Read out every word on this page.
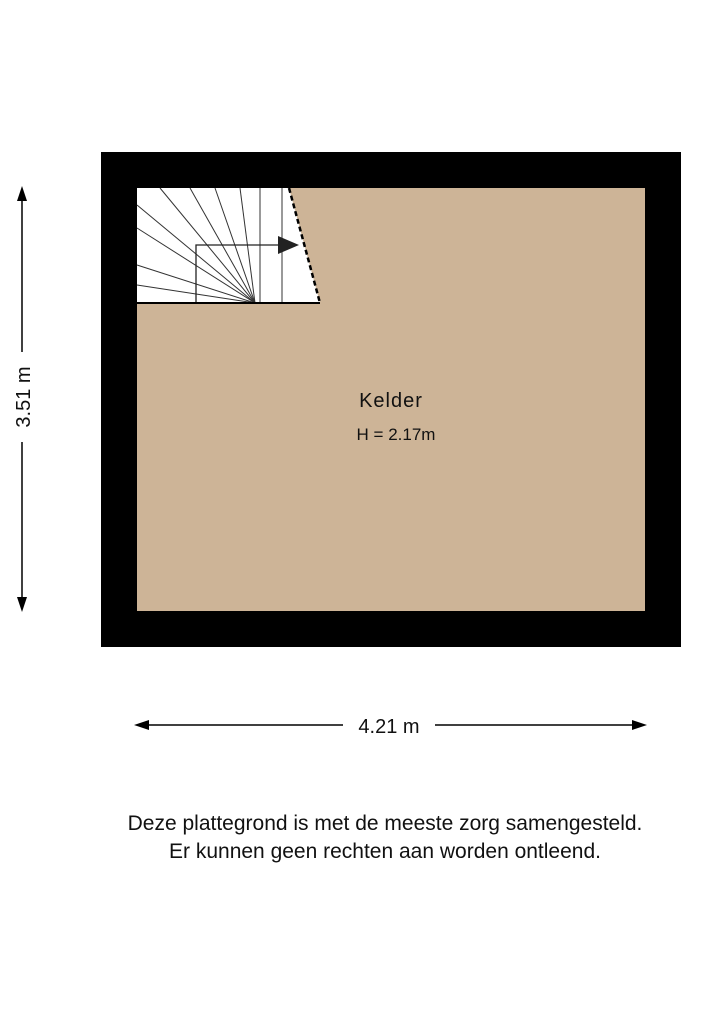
Kelder
H = 2.17m
3.51 m
4.21 m
Deze plattegrond is met de meeste zorg samengesteld.
Er kunnen geen rechten aan worden ontleend.
